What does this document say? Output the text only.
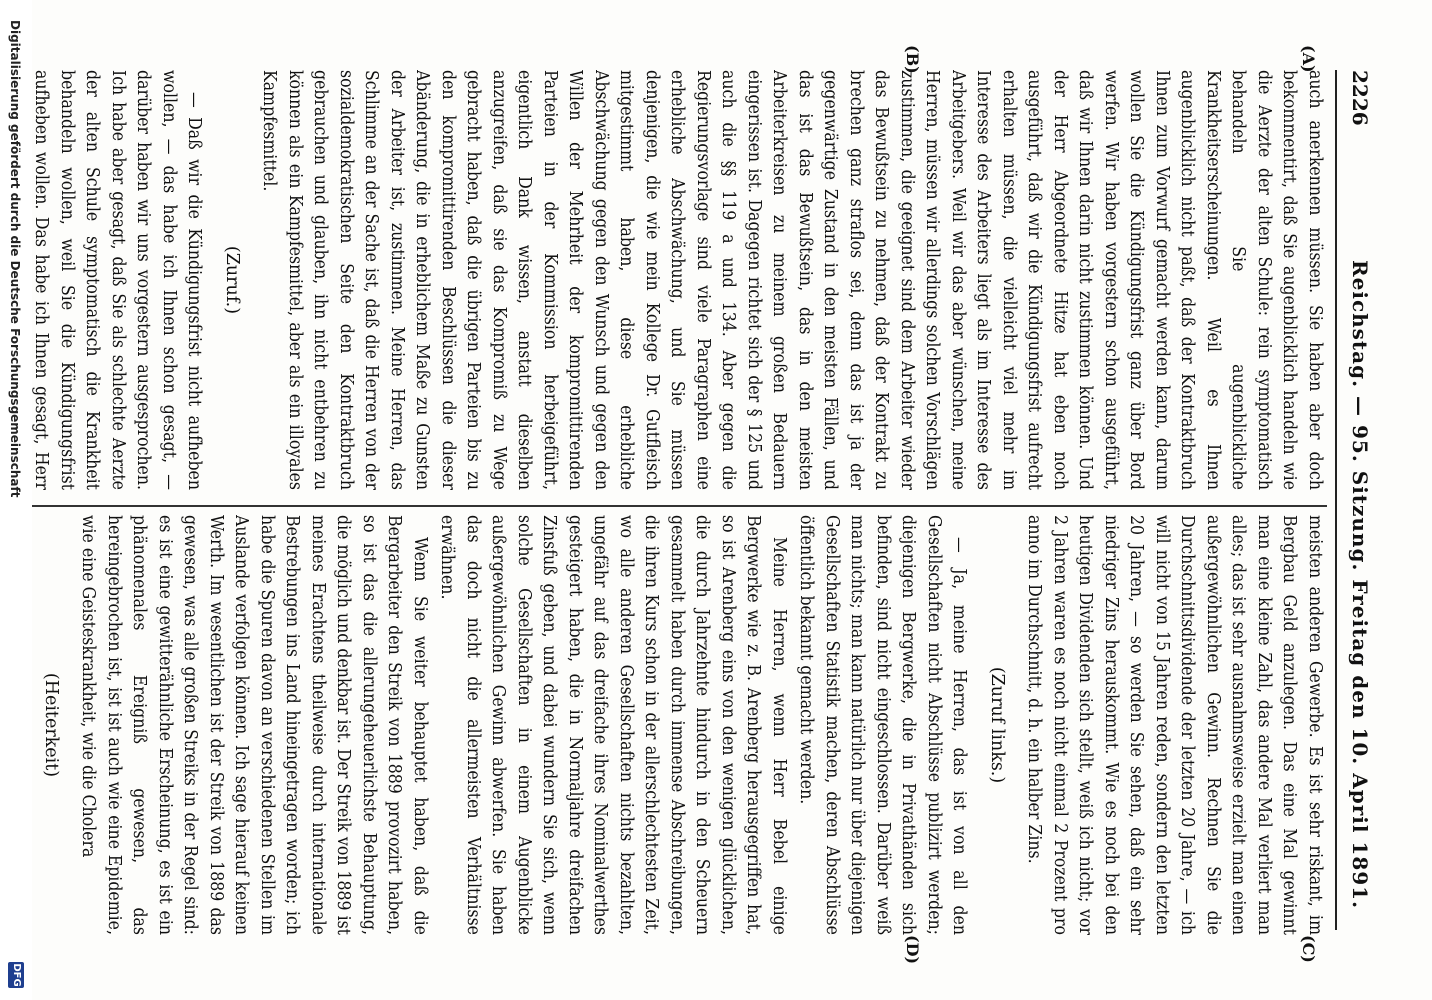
2226
Reichstag. — 95. Sitzung. Freitag den 10. April 1891.
(A)
(B)
(C)
(D)

auch anerkennen müssen. Sie haben aber doch bekommentirt, daß Sie augenblicklich handeln wie die Aerzte der alten Schule: rein symptomatisch behandeln Sie augenblickliche Krankheitserscheinungen. Weil es Ihnen augenblicklich nicht paßt, daß der Kontraktbruch Ihnen zum Vorwurf gemacht werden kann, darum wollen Sie die Kündigungsfrist ganz über Bord werfen. Wir haben vorgestern schon ausgeführt, daß wir Ihnen darin nicht zustimmen können. Und der Herr Abgeordnete Hitze hat eben noch ausgeführt, daß wir die Kündigungsfrist aufrecht erhalten müssen, die vielleicht viel mehr im Interesse des Arbeiters liegt als im Interesse des Arbeitgebers. Weil wir das aber wünschen, meine Herren, müssen wir allerdings solchen Vorschlägen zustimmen, die geeignet sind dem Arbeiter wieder das Bewußtsein zu nehmen, daß der Kontrakt zu brechen ganz straflos sei, denn das ist ja der gegenwärtige Zustand in den meisten Fällen, und das ist das Bewußtsein, das in den meisten Arbeiterkreisen zu meinem großen Bedauern eingerissen ist. Dagegen richtet sich der § 125 und auch die §§ 119 a und 134. Aber gegen die Regierungsvorlage sind viele Paragraphen eine erhebliche Abschwächung, und Sie müssen denjenigen, die wie mein Kollege Dr. Gutfleisch mitgestimmt haben, diese erhebliche Abschwächung gegen den Wunsch und gegen den Willen der Mehrheit der kompromittirenden Parteien in der Kommission herbeigeführt, eigentlich Dank wissen, anstatt dieselben anzugreifen, daß sie das Kompromiß zu Wege gebracht haben, daß die übrigen Parteien bis zu den kompromittirenden Beschlüssen die dieser Abänderung, die in erheblichem Maße zu Gunsten der Arbeiter ist, zustimmen. Meine Herren, das Schlimme an der Sache ist, daß die Herren von der sozialdemokratischen Seite den Kontraktbruch gebrauchen und glauben, ihn nicht entbehren zu können als ein Kampfesmittel, aber als ein illoyales Kampfesmittel.

(Zuruf.)

— Daß wir die Kündigungsfrist nicht aufheben wollen, — das habe ich Ihnen schon gesagt, — darüber haben wir uns vorgestern ausgesprochen. Ich habe aber gesagt, daß Sie als schlechte Aerzte der alten Schule symptomatisch die Krankheit behandeln wollen, weil Sie die Kündigungsfrist aufheben wollen. Das habe ich Ihnen gesagt, Herr

meisten anderen Gewerbe. Es ist sehr riskant, im Bergbau Geld anzulegen. Das eine Mal gewinnt man eine kleine Zahl, das andere Mal verliert man alles; das ist sehr ausnahmsweise erzielt man einen außergewöhnlichen Gewinn. Rechnen Sie die Durchschnittsdividende der letzten 20 Jahre, — ich will nicht von 15 Jahren reden, sondern den letzten 20 Jahren, — so werden Sie sehen, daß ein sehr niedriger Zins herauskommt. Wie es noch bei den heutigen Dividenden sich stellt, weiß ich nicht; vor 2 Jahren waren es noch nicht einmal 2 Prozent pro anno im Durchschnitt, d. h. ein halber Zins.

(Zuruf links.)

— Ja, meine Herren, das ist von all den Gesellschaften nicht Abschlüsse publizirt werden; diejenigen Bergwerke, die in Privathänden sich befinden, sind nicht eingeschlossen. Darüber weiß man nichts; man kann natürlich nur über diejenigen Gesellschaften Statistik machen, deren Abschlüsse öffentlich bekannt gemacht werden.

Meine Herren, wenn Herr Bebel einige Bergwerke wie z. B. Arenberg herausgegriffen hat, so ist Arenberg eins von den wenigen glücklichen, die durch Jahrzehnte hindurch in den Scheuern gesammelt haben durch immense Abschreibungen, die ihren Kurs schon in der allerschlechtesten Zeit, wo alle anderen Gesellschaften nichts bezahlten, ungefähr auf das dreifache ihres Nominalwerthes gesteigert haben, die in Normaljahre dreifachen Zinsfuß geben, und dabei wundern Sie sich, wenn solche Gesellschaften in einem Augenblicke außergewöhnlichen Gewinn abwerfen. Sie haben das doch nicht die allermeisten Verhältnisse erwähnen.

Wenn Sie weiter behauptet haben, daß die Bergarbeiter den Streik von 1889 provozirt haben, so ist das die allerungeheuerlichste Behauptung, die möglich und denkbar ist. Der Streik von 1889 ist meines Erachtens theilweise durch internationale Bestrebungen ins Land hineingetragen worden; ich habe die Spuren davon an verschiedenen Stellen im Auslande verfolgen können. Ich sage hierauf keinen Werth. Im wesentlichen ist der Streik von 1889 das gewesen, was alle großen Streiks in der Regel sind: es ist eine gewitterähnliche Erscheinung, es ist ein phänomenales Ereigniß gewesen, das hereingebrochen ist, ist ist auch wie eine Epidemie, wie eine Geisteskrankheit, wie die Cholera

(Heiterkeit)

Digitalisierung gefördert durch die Deutsche Forschungsgemeinschaft
DFG
